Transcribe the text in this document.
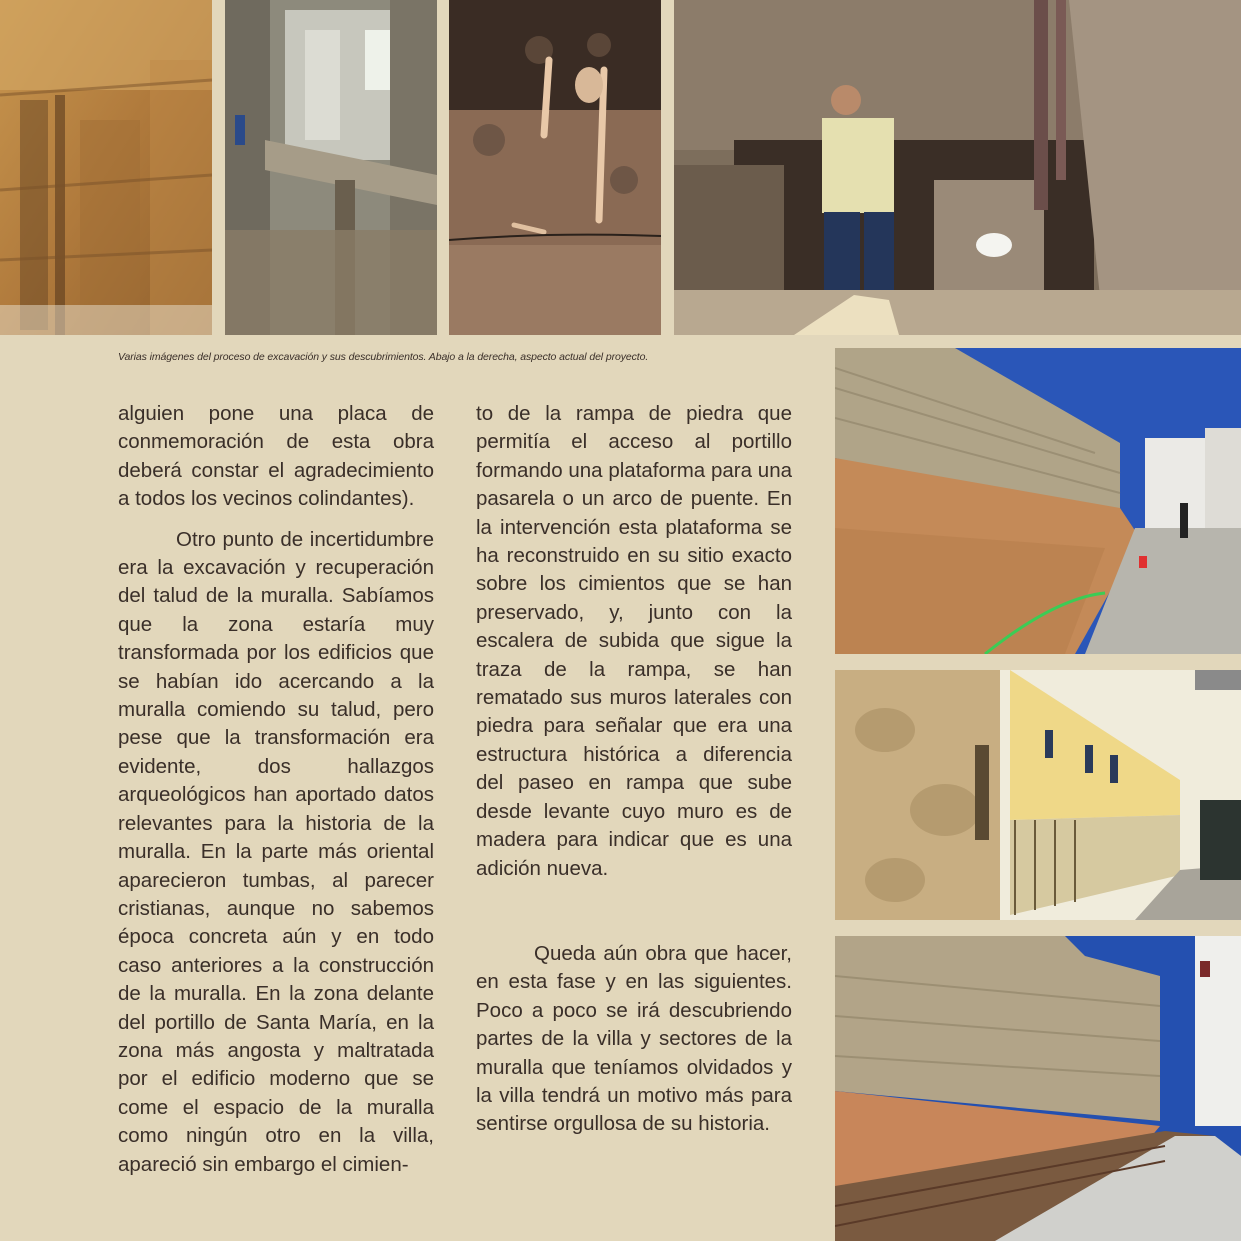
Varias imágenes del proceso de excavación y sus descubrimientos. Abajo a la derecha, aspecto actual del proyecto.

alguien pone una placa de conmemoración de esta obra deberá constar el agradecimiento a todos los vecinos colindantes).

Otro punto de incertidumbre era la excavación y recuperación del talud de la muralla. Sabíamos que la zona estaría muy transformada por los edificios que se habían ido acercando a la muralla comiendo su talud, pero pese que la transformación era evidente, dos hallazgos arqueológicos han aportado datos relevantes para la historia de la muralla. En la parte más oriental aparecieron tumbas, al parecer cristianas, aunque no sabemos época concreta aún y en todo caso anteriores a la construcción de la muralla. En la zona delante del portillo de Santa María, en la zona más angosta y maltratada por el edificio moderno que se come el espacio de la muralla como ningún otro en la villa, apareció sin embargo el cimien-

to de la rampa de piedra que permitía el acceso al portillo formando una plataforma para una pasarela o un arco de puente. En la intervención esta plataforma se ha reconstruido en su sitio exacto sobre los cimientos que se han preservado, y, junto con la escalera de subida que sigue la traza de la rampa, se han rematado sus muros laterales con piedra para señalar que era una estructura histórica a diferencia del paseo en rampa que sube desde levante cuyo muro es de madera para indicar que es una adición nueva.

Queda aún obra que hacer, en esta fase y en las siguientes. Poco a poco se irá descubriendo partes de la villa y sectores de la muralla que teníamos olvidados y la villa tendrá un motivo más para sentirse orgullosa de su historia.
